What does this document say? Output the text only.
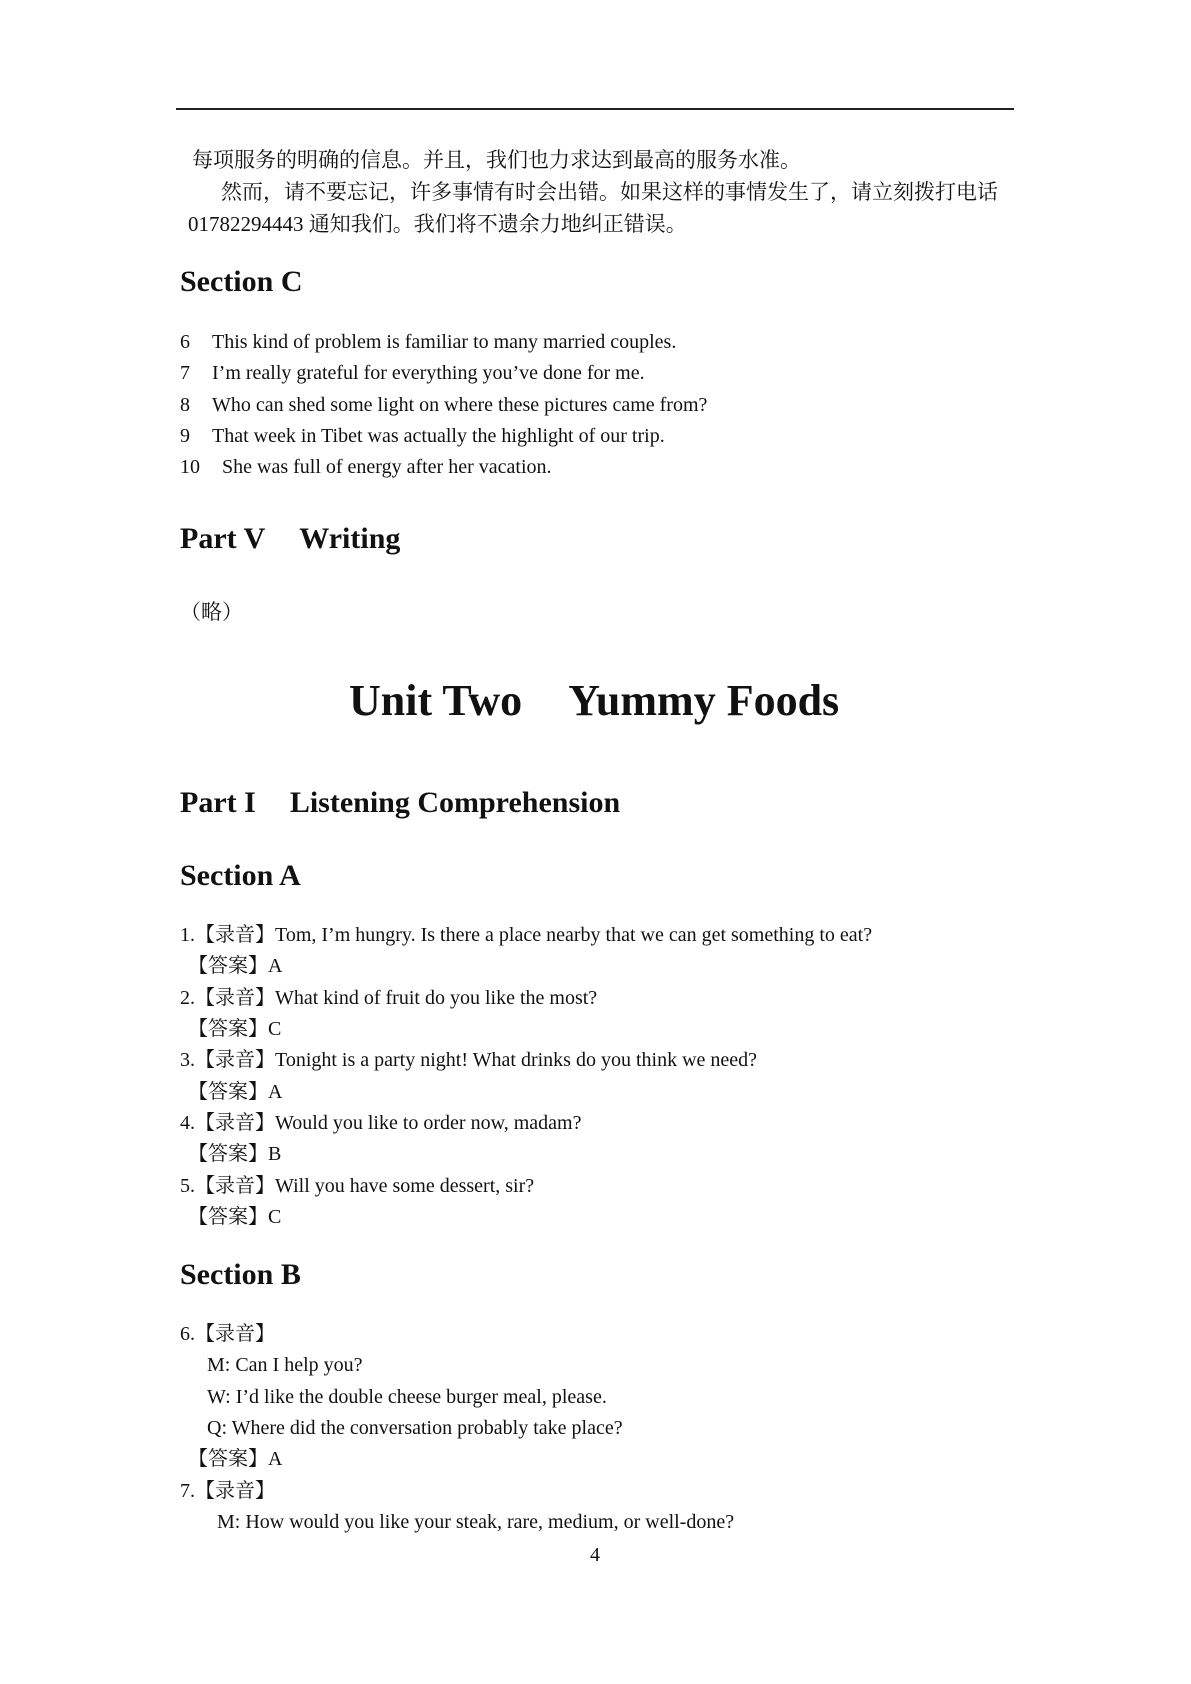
每项服务的明确的信息。并且，我们也力求达到最高的服务水准。
然而，请不要忘记，许多事情有时会出错。如果这样的事情发生了，请立刻拨打电话
01782294443 通知我们。我们将不遗余力地纠正错误。
Section C
6 This kind of problem is familiar to many married couples.
7 I’m really grateful for everything you’ve done for me.
8 Who can shed some light on where these pictures came from?
9 That week in Tibet was actually the highlight of our trip.
10 She was full of energy after her vacation.
Part V Writing
（略）
Unit Two Yummy Foods
Part I Listening Comprehension
Section A
1.【录音】Tom, I’m hungry. Is there a place nearby that we can get something to eat?
【答案】A
2.【录音】What kind of fruit do you like the most?
【答案】C
3.【录音】Tonight is a party night! What drinks do you think we need?
【答案】A
4.【录音】Would you like to order now, madam?
【答案】B
5.【录音】Will you have some dessert, sir?
【答案】C
Section B
6.【录音】
M: Can I help you?
W: I’d like the double cheese burger meal, please.
Q: Where did the conversation probably take place?
【答案】A
7.【录音】
M: How would you like your steak, rare, medium, or well-done?
4
